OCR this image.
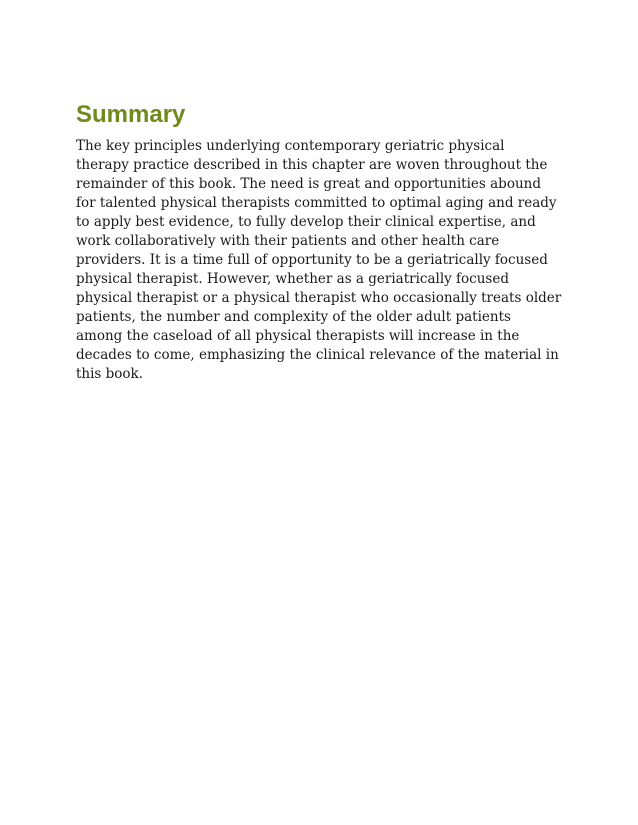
Summary

The key principles underlying contemporary geriatric physical
therapy practice described in this chapter are woven throughout the
remainder of this book. The need is great and opportunities abound
for talented physical therapists committed to optimal aging and ready
to apply best evidence, to fully develop their clinical expertise, and
work collaboratively with their patients and other health care
providers. It is a time full of opportunity to be a geriatrically focused
physical therapist. However, whether as a geriatrically focused
physical therapist or a physical therapist who occasionally treats older
patients, the number and complexity of the older adult patients
among the caseload of all physical therapists will increase in the
decades to come, emphasizing the clinical relevance of the material in
this book.
